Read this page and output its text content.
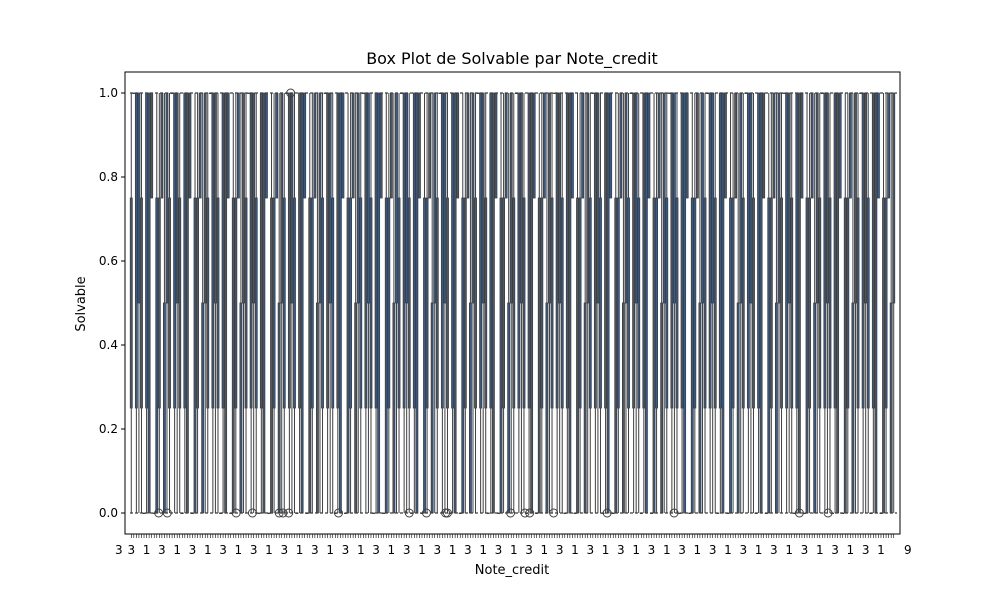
Box Plot de Solvable par Note_credit
Note_credit
Solvable
0.0
0.2
0.4
0.6
0.8
1.0
3 1 3 1 3 1 3 1 3 1 3 1 3 1 3 1 3 1 3 1 3 1 3 1 3 1 3 1 3 1 3 1 3 1 3 1 3 1 3 1 3 1 3 1 3 1 3 1 3 1
3	9
